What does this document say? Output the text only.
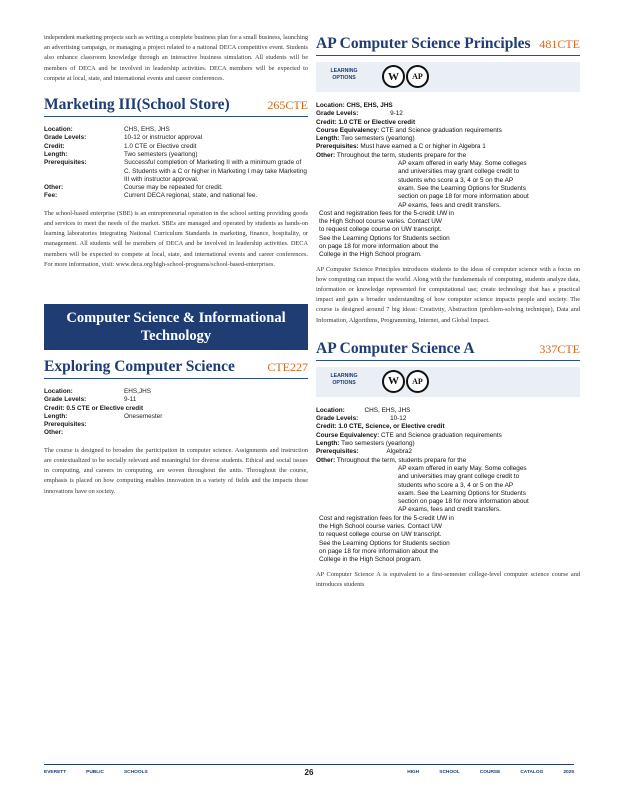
independent marketing projects such as writing a complete business plan for a small business, launching an advertising campaign, or managing a project related to a national DECA competitive event. Students also enhance classroom knowledge through an interactive business simulation. All students will be members of DECA and be involved in leadership activities. DECA members will be expected to compete at local, state, and international events and career conferences.

Marketing III(School Store)	265CTE
Location:	CHS, EHS, JHS
Grade Levels:	10-12 or instructor approval
Credit:	1.0 CTE or Elective credit
Length:	Two semesters (yearlong)
Prerequisites:	Successful completion of Marketing II with a minimum grade of C. Students with a C or higher in Marketing I may take Marketing III with instructor approval.
Other:	Course may be repeated for credit.
Fee:	Current DECA regional, state, and national fee.

The school-based enterprise (SBE) is an entrepreneurial operation in the school setting providing goods and services to meet the needs of the market. SBEs are managed and operated by students as hands-on learning laboratories integrating National Curriculum Standards in marketing, finance, hospitality, or management. All students will be members of DECA and be involved in leadership activities. DECA members will be expected to compete at local, state, and international events and career conferences. For more information, visit: www.deca.org/high-school-programs/school-based-enterprises.

Computer Science & Informational Technology
Exploring Computer Science	CTE227
Location:	EHS,JHS
Grade Levels:	9-11
Credit: 0.5 CTE or Elective credit
Length:	Onesemester
Prerequisites:
Other:

The course is designed to broaden the participation in computer science. Assignments and instruction are contextualized to be socially relevant and meaningful for diverse students. Ethical and social issues in computing, and careers in computing, are woven throughout the units. Throughout the course, emphasis is placed on how computing enables innovation in a variety of fields and the impacts those innovations have on society.

AP Computer Science Principles 481CTE
LEARNING OPTIONS	W	AP
Location: CHS, EHS, JHS
Grade Levels:	9-12
Credit: 1.0 CTE or Elective credit
Course Equivalency: CTE and Science graduation requirements
Length: Two semesters (yearlong)
Prerequisites: Must have earned a C or higher in Algebra 1
Other: Throughout the term, students prepare for the
AP exam offered in early May. Some colleges
and universities may grant college credit to
students who score a 3, 4 or 5 on the AP
exam. See the Learning Options for Students
section on page 18 for more information about
AP exams, fees and credit transfers.
Cost and registration fees for the 5-credit UW in
the High School course varies. Contact UW
to request college course on UW transcript.
See the Learning Options for Students section
on page 18 for more information about the
College in the High School program.

AP Computer Science Principles introduces students to the ideas of computer science with a focus on how computing can impact the world. Along with the fundamentals of computing, students analyze data, information or knowledge represented for computational use; create technology that has a practical impact and gain a broader understanding of how computer science impacts people and society. The course is designed around 7 big ideas: Creativity, Abstraction (problem-solving technique), Data and Information, Algorithms, Programming, Internet, and Global Impact.

AP Computer Science A	337CTE
LEARNING OPTIONS	W	AP
Location:	CHS, EHS, JHS
Grade Levels:	10-12
Credit: 1.0 CTE, Science, or Elective credit
Course Equivalency: CTE and Science graduation requirements
Length: Two semesters (yearlong)
Prerequisites:	Algebra2
Other: Throughout the term, students prepare for the
AP exam offered in early May. Some colleges
and universities may grant college credit to
students who score a 3, 4 or 5 on the AP
exam. See the Learning Options for Students
section on page 18 for more information about
AP exams, fees and credit transfers.
Cost and registration fees for the 5-credit UW in
the High School course varies. Contact UW
to request college course on UW transcript.
See the Learning Options for Students section
on page 18 for more information about the
College in the High School program.

AP Computer Science A is equivalent to a first-semester college-level computer science course and introduces students

EVERETT	PUBLIC	SCHOOLS	26	HIGH	SCHOOL	COURSE	CATALOG	2025
